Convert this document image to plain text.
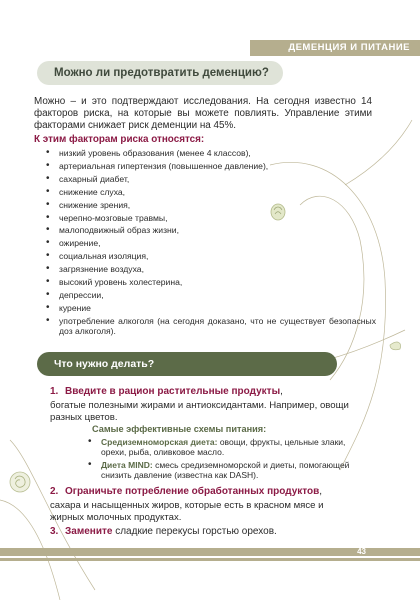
ДЕМЕНЦИЯ И ПИТАНИЕ
Можно ли предотвратить деменцию?
Можно – и это подтверждают исследования. На сегодня известно 14 факторов риска, на которые вы можете повлиять. Управление этими факторами снижает риск деменции на 45%.
К этим факторам риска относятся:
• низкий уровень образования (менее 4 классов),
• артериальная гипертензия (повышенное давление),
• сахарный диабет,
• снижение слуха,
• снижение зрения,
• черепно-мозговые травмы,
• малоподвижный образ жизни,
• ожирение,
• социальная изоляция,
• загрязнение воздуха,
• высокий уровень холестерина,
• депрессии,
• курение
• употребление алкоголя (на сегодня доказано, что не существует безопасных доз алкоголя).
Что нужно делать?
1. Введите в рацион растительные продукты,
богатые полезными жирами и антиоксидантами. Например, овощи разных цветов.
Самые эффективные схемы питания:
• Средиземноморская диета: овощи, фрукты, цельные злаки, орехи, рыба, оливковое масло.
• Диета MIND: смесь средиземноморской и диеты, помогающей снизить давление (известна как DASH).
2. Ограничьте потребление обработанных продуктов,
сахара и насыщенных жиров, которые есть в красном мясе и жирных молочных продуктах.
3. Замените сладкие перекусы горстью орехов.
43
